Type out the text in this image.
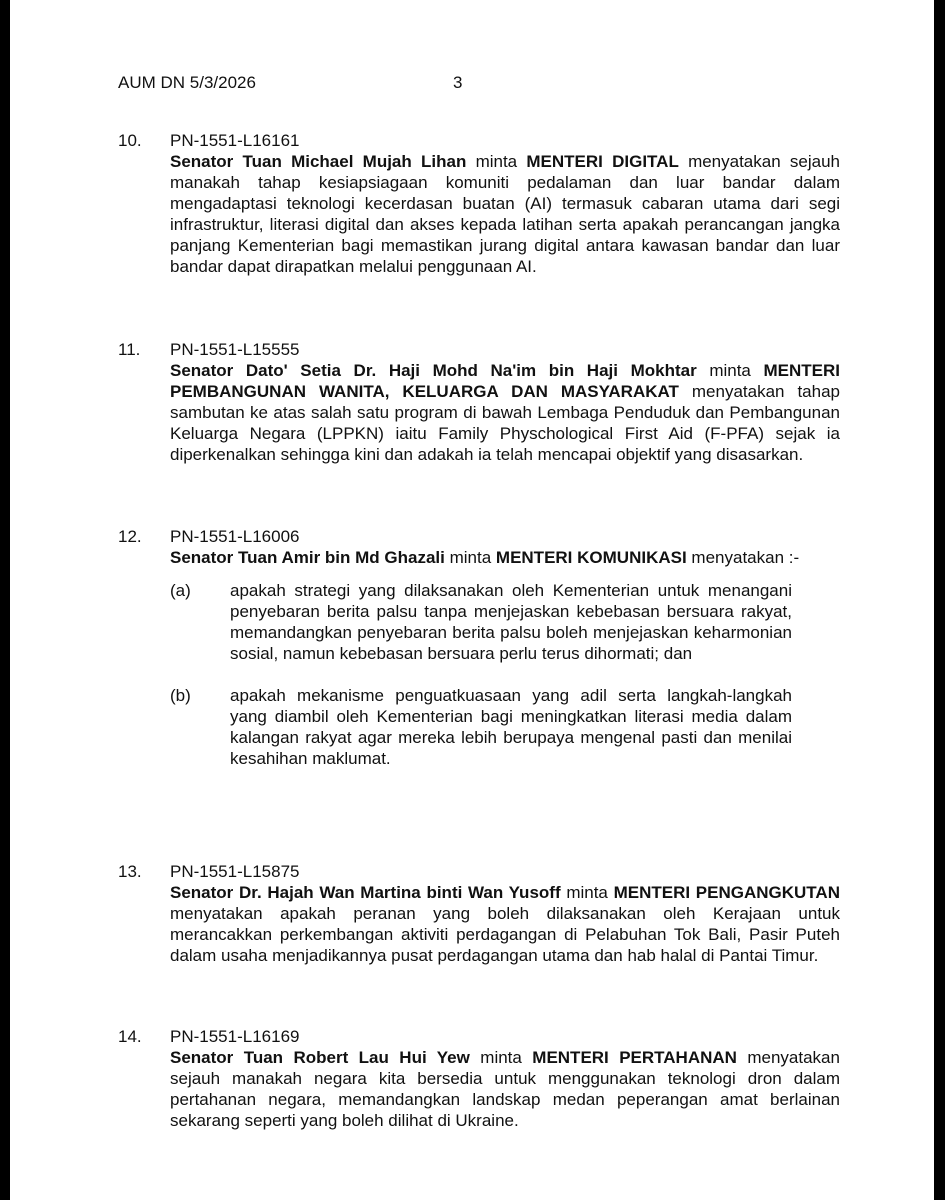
AUM DN 5/3/2026	3
10.	PN-1551-L16161
Senator Tuan Michael Mujah Lihan minta MENTERI DIGITAL menyatakan sejauh manakah tahap kesiapsiagaan komuniti pedalaman dan luar bandar dalam mengadaptasi teknologi kecerdasan buatan (AI) termasuk cabaran utama dari segi infrastruktur, literasi digital dan akses kepada latihan serta apakah perancangan jangka panjang Kementerian bagi memastikan jurang digital antara kawasan bandar dan luar bandar dapat dirapatkan melalui penggunaan AI.
11.	PN-1551-L15555
Senator Dato' Setia Dr. Haji Mohd Na'im bin Haji Mokhtar minta MENTERI PEMBANGUNAN WANITA, KELUARGA DAN MASYARAKAT menyatakan tahap sambutan ke atas salah satu program di bawah Lembaga Penduduk dan Pembangunan Keluarga Negara (LPPKN) iaitu Family Physchological First Aid (F-PFA) sejak ia diperkenalkan sehingga kini dan adakah ia telah mencapai objektif yang disasarkan.
12.	PN-1551-L16006
Senator Tuan Amir bin Md Ghazali minta MENTERI KOMUNIKASI menyatakan :-
(a)	apakah strategi yang dilaksanakan oleh Kementerian untuk menangani penyebaran berita palsu tanpa menjejaskan kebebasan bersuara rakyat, memandangkan penyebaran berita palsu boleh menjejaskan keharmonian sosial, namun kebebasan bersuara perlu terus dihormati; dan
(b)	apakah mekanisme penguatkuasaan yang adil serta langkah-langkah yang diambil oleh Kementerian bagi meningkatkan literasi media dalam kalangan rakyat agar mereka lebih berupaya mengenal pasti dan menilai kesahihan maklumat.
13.	PN-1551-L15875
Senator Dr. Hajah Wan Martina binti Wan Yusoff minta MENTERI PENGANGKUTAN menyatakan apakah peranan yang boleh dilaksanakan oleh Kerajaan untuk merancakkan perkembangan aktiviti perdagangan di Pelabuhan Tok Bali, Pasir Puteh dalam usaha menjadikannya pusat perdagangan utama dan hab halal di Pantai Timur.
14.	PN-1551-L16169
Senator Tuan Robert Lau Hui Yew minta MENTERI PERTAHANAN menyatakan sejauh manakah negara kita bersedia untuk menggunakan teknologi dron dalam pertahanan negara, memandangkan landskap medan peperangan amat berlainan sekarang seperti yang boleh dilihat di Ukraine.
